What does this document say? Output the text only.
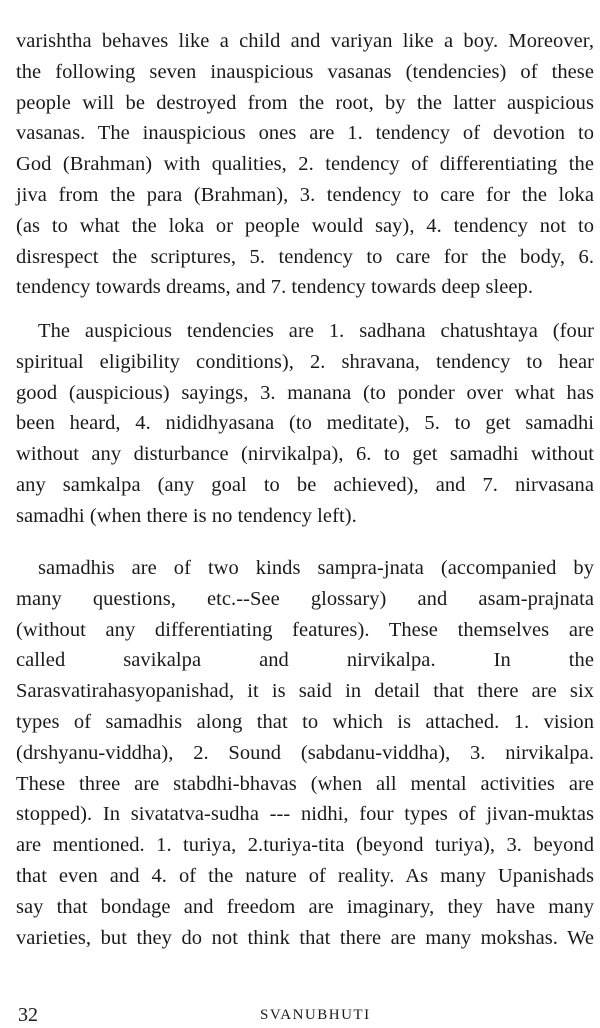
varishtha behaves like a child and variyan like a boy. Moreover,
the following seven inauspicious vasanas (tendencies) of these
people will be destroyed from the root, by the latter auspicious
vasanas. The inauspicious ones are 1. tendency of devotion to
God (Brahman) with qualities, 2. tendency of differentiating the
jiva from the para (Brahman), 3. tendency to care for the loka
(as to what the loka or people would say), 4. tendency not to
disrespect the scriptures, 5. tendency to care for the body, 6.
tendency towards dreams, and 7. tendency towards deep sleep.
The auspicious tendencies are 1. sadhana chatushtaya (four
spiritual eligibility conditions), 2. shravana, tendency to hear
good (auspicious) sayings, 3. manana (to ponder over what has
been heard, 4. nididhyasana (to meditate), 5. to get samadhi
without any disturbance (nirvikalpa), 6. to get samadhi without
any samkalpa (any goal to be achieved), and 7. nirvasana
samadhi (when there is no tendency left).
samadhis are of two kinds sampra-jnata (accompanied by
many questions, etc.--See glossary) and asam-prajnata
(without any differentiating features). These themselves are
called savikalpa and nirvikalpa. In the
Sarasvatirahasyopanishad, it is said in detail that there are six
types of samadhis along that to which is attached. 1. vision
(drshyanu-viddha), 2. Sound (sabdanu-viddha), 3. nirvikalpa.
These three are stabdhi-bhavas (when all mental activities are
stopped). In sivatatva-sudha --- nidhi, four types of jivan-muktas
are mentioned. 1. turiya, 2.turiya-tita (beyond turiya), 3. beyond
that even and 4. of the nature of reality. As many Upanishads
say that bondage and freedom are imaginary, they have many
varieties, but they do not think that there are many mokshas. We
32	SVANUBHUTI
